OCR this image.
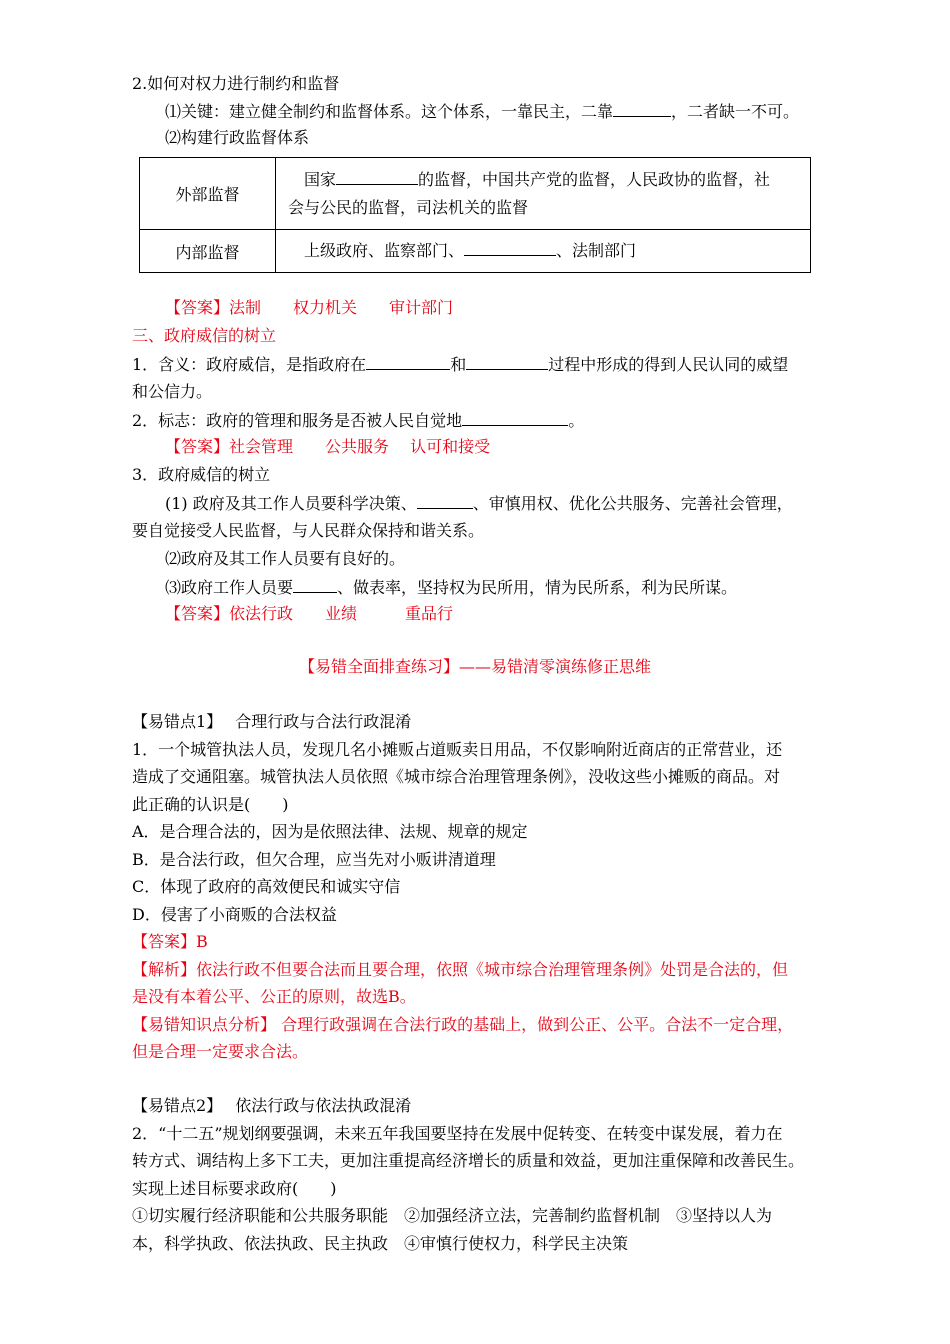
2.如何对权力进行制约和监督
⑴关键：建立健全制约和监督体系。这个体系，一靠民主，二靠	，二者缺一不可。
⑵构建行政监督体系
外部监督	国家 的监督，中国共产党的监督，人民政协的监督，社
会与公民的监督，司法机关的监督

内部监督	上级政府、监察部门、 、法制部门
【答案】法制　　权力机关　　审计部门
三、政府威信的树立
1．含义：政府威信，是指政府在	和	过程中形成的得到人民认同的威望
和公信力。
2．标志：政府的管理和服务是否被人民自觉地	。
【答案】社会管理　　公共服务　 认可和接受
3．政府威信的树立
(1) 政府及其工作人员要科学决策、	、审慎用权、优化公共服务、完善社会管理，
要自觉接受人民监督，与人民群众保持和谐关系。
⑵政府及其工作人员要有良好的。
⑶政府工作人员要	、做表率，坚持权为民所用，情为民所系，利为民所谋。
【答案】依法行政　　业绩　　　重品行
【易错全面排查练习】——易错清零演练修正思维
【易错点1】　 合理行政与合法行政混淆
1．一个城管执法人员，发现几名小摊贩占道贩卖日用品，不仅影响附近商店的正常营业，还
造成了交通阻塞。城管执法人员依照《城市综合治理管理条例》，没收这些小摊贩的商品。对
此正确的认识是(　　)
A．是合理合法的，因为是依照法律、法规、规章的规定
B．是合法行政，但欠合理，应当先对小贩讲清道理
C．体现了政府的高效便民和诚实守信
D．侵害了小商贩的合法权益
【答案】B
【解析】依法行政不但要合法而且要合理，依照《城市综合治理管理条例》处罚是合法的，但
是没有本着公平、公正的原则，故选B。
【易错知识点分析】 合理行政强调在合法行政的基础上，做到公正、公平。合法不一定合理，
但是合理一定要求合法。
【易错点2】　 依法行政与依法执政混淆
2．“十二五”规划纲要强调，未来五年我国要坚持在发展中促转变、在转变中谋发展，着力在
转方式、调结构上多下工夫，更加注重提高经济增长的质量和效益，更加注重保障和改善民生。
实现上述目标要求政府(　　)
①切实履行经济职能和公共服务职能　②加强经济立法，完善制约监督机制　③坚持以人为
本，科学执政、依法执政、民主执政　④审慎行使权力，科学民主决策
